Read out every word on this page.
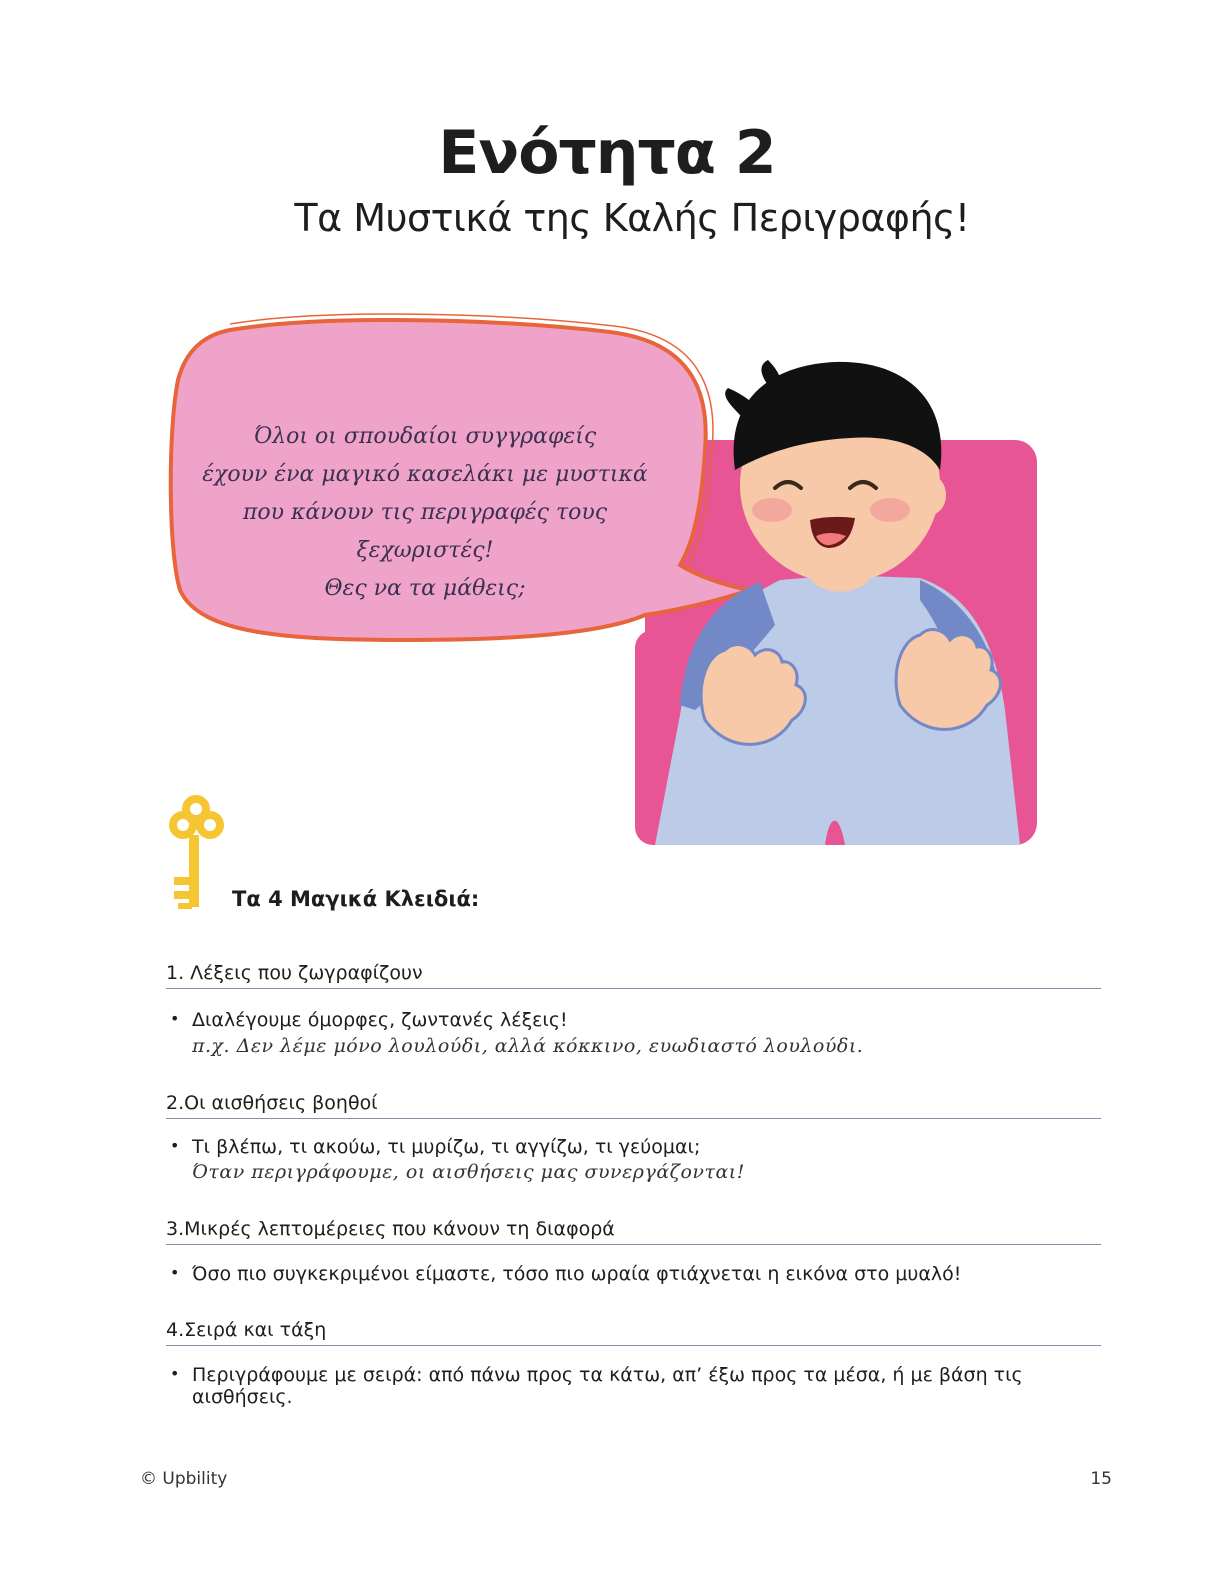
Ενότητα 2
Τα Μυστικά της Καλής Περιγραφής!
Όλοι οι σπουδαίοι συγγραφείς
έχουν ένα μαγικό κασελάκι με μυστικά
που κάνουν τις περιγραφές τους ξεχωριστές!
Θες να τα μάθεις;
Τα 4 Μαγικά Κλειδιά:
1. Λέξεις που ζωγραφίζουν
• Διαλέγουμε όμορφες, ζωντανές λέξεις!
π.χ. Δεν λέμε μόνο λουλούδι, αλλά κόκκινο, ευωδιαστό λουλούδι.
2.Οι αισθήσεις βοηθοί
• Τι βλέπω, τι ακούω, τι μυρίζω, τι αγγίζω, τι γεύομαι;
Όταν περιγράφουμε, οι αισθήσεις μας συνεργάζονται!
3.Μικρές λεπτομέρειες που κάνουν τη διαφορά
• Όσο πιο συγκεκριμένοι είμαστε, τόσο πιο ωραία φτιάχνεται η εικόνα στο μυαλό!
4.Σειρά και τάξη
• Περιγράφουμε με σειρά: από πάνω προς τα κάτω, απ’ έξω προς τα μέσα, ή με βάση τις αισθήσεις.
© Upbility	15
